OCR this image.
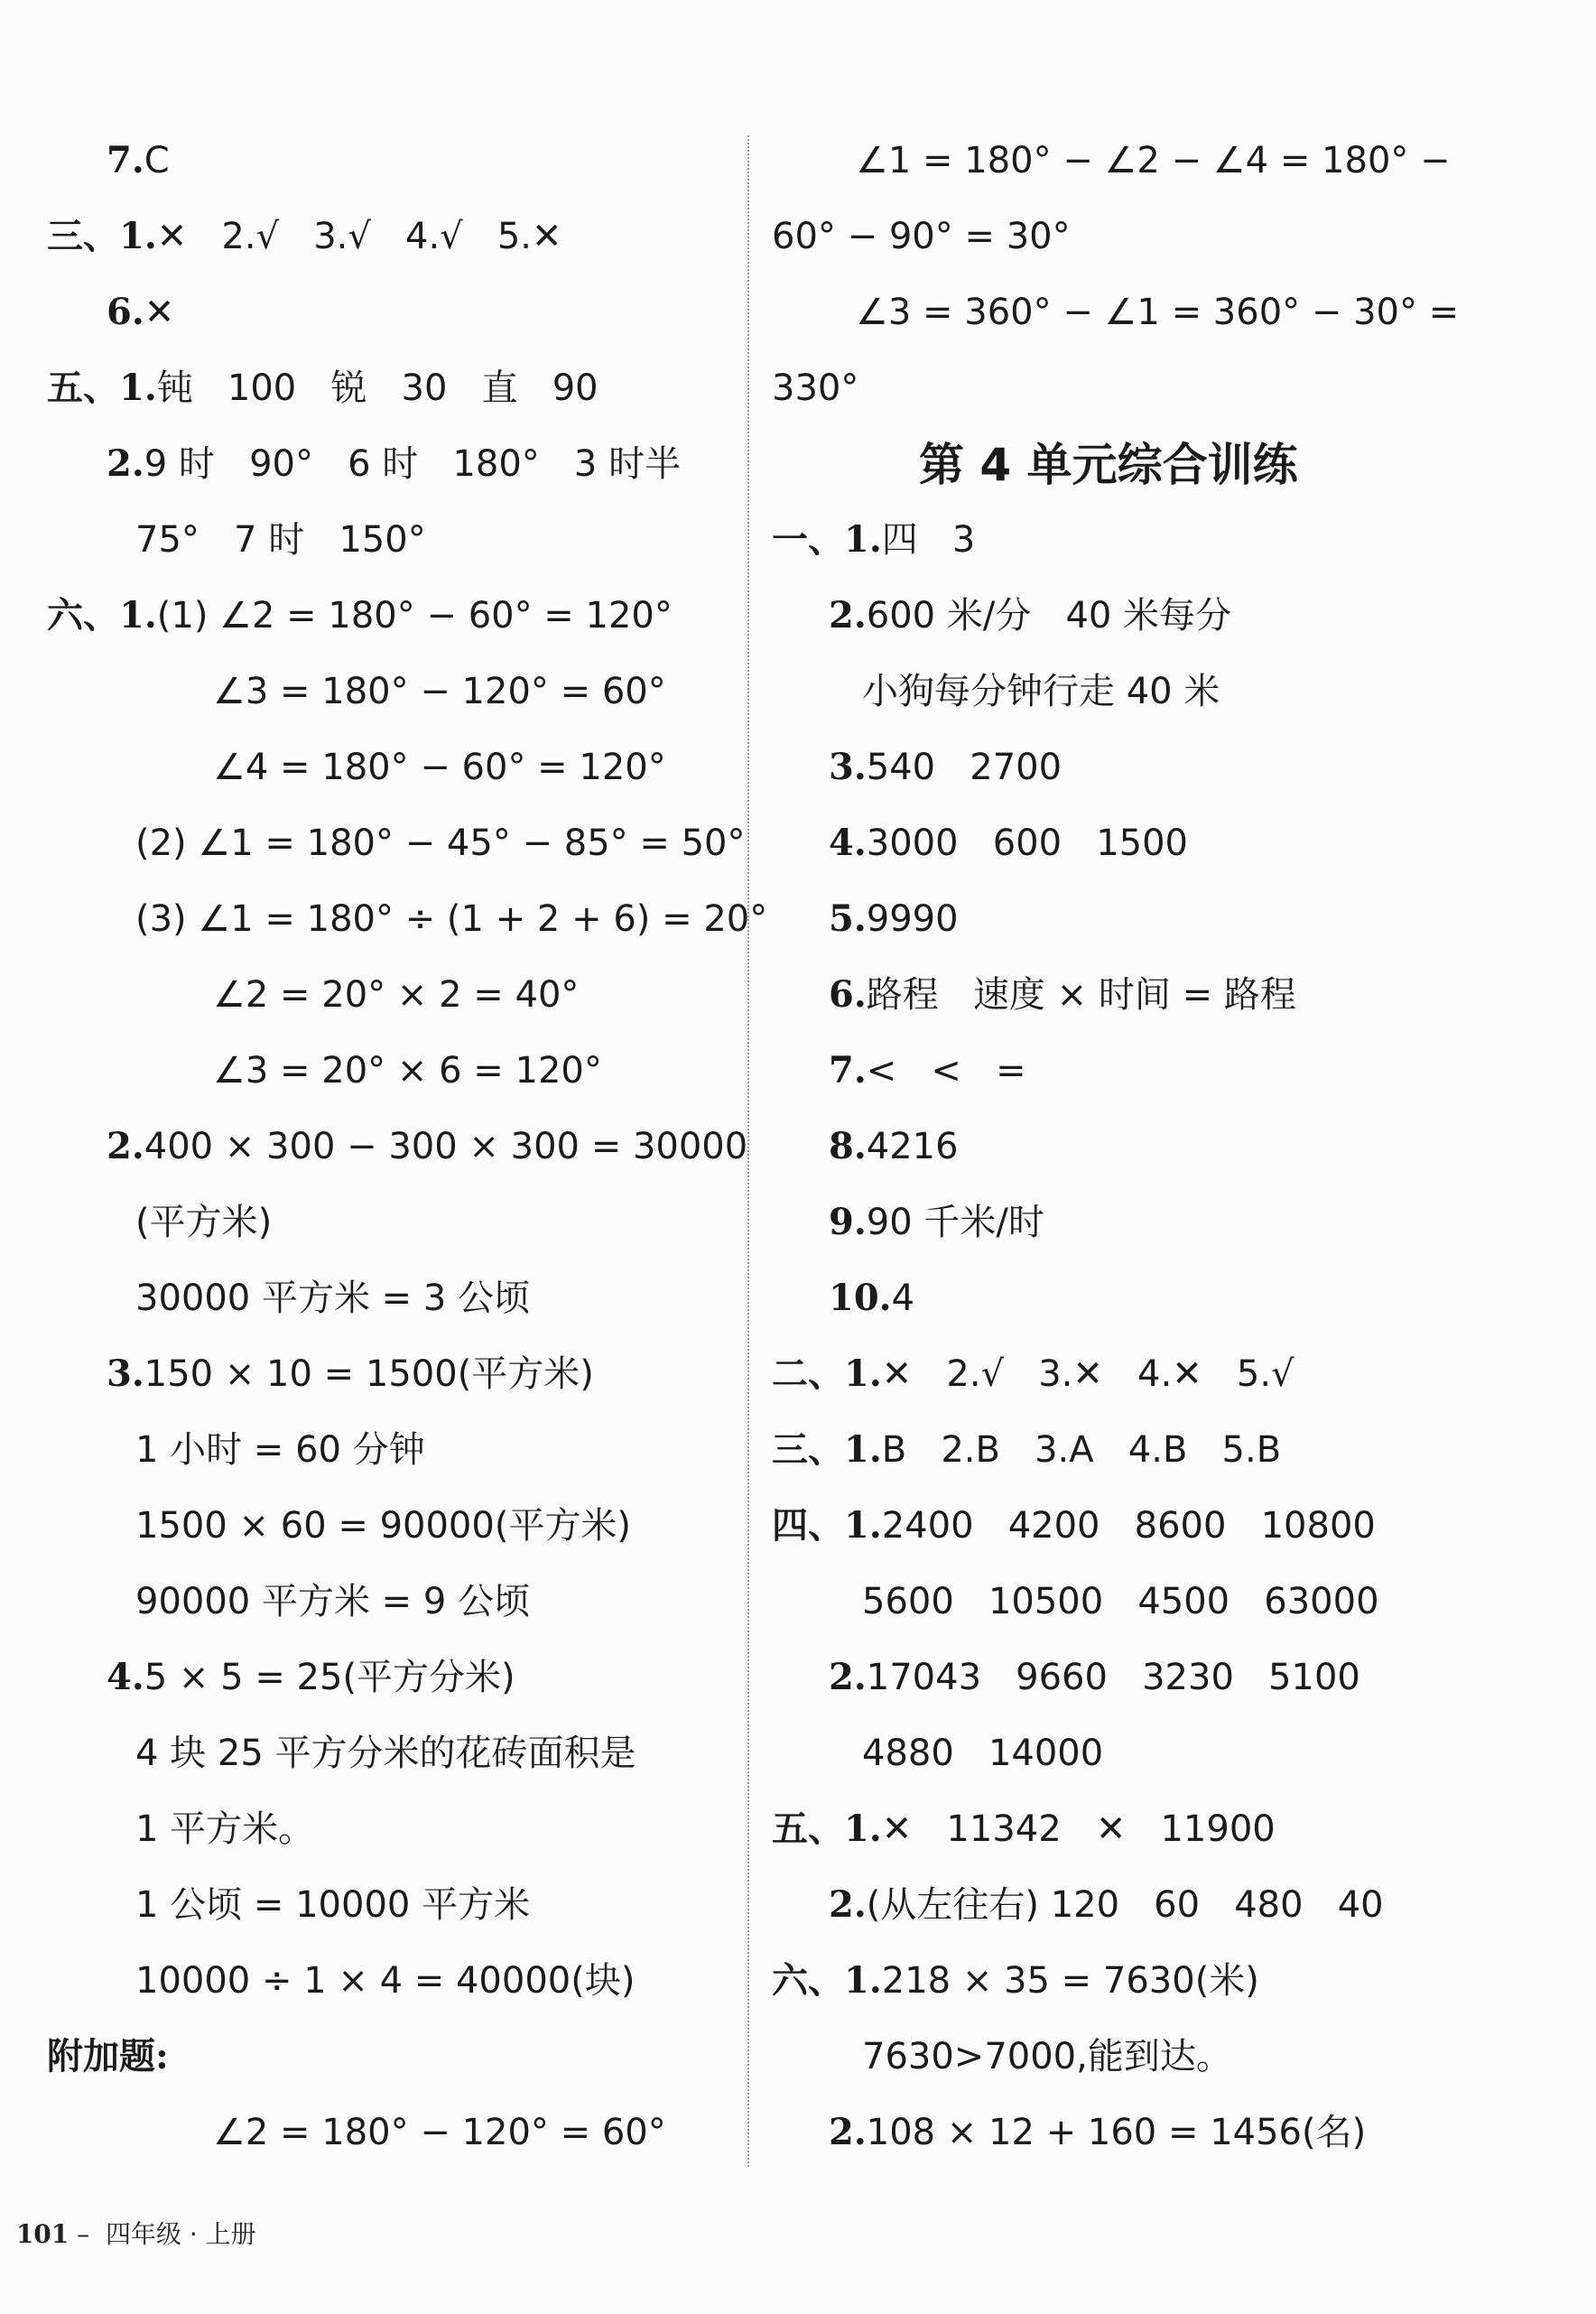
第 4 单元综合训练

101 –  四年级 · 上册

7.C
三、1.✕   2.√   3.√   4.√   5.✕
6.✕
五、1.钝   100   锐   30   直   90
2.9 时   90°   6 时   180°   3 时半
75°   7 时   150°
六、1.(1) ∠2 = 180° − 60° = 120°
∠3 = 180° − 120° = 60°
∠4 = 180° − 60° = 120°
(2) ∠1 = 180° − 45° − 85° = 50°
(3) ∠1 = 180° ÷ (1 + 2 + 6) = 20°
∠2 = 20° × 2 = 40°
∠3 = 20° × 6 = 120°
2.400 × 300 − 300 × 300 = 30000
(平方米)
30000 平方米 = 3 公顷
3.150 × 10 = 1500(平方米)
1 小时 = 60 分钟
1500 × 60 = 90000(平方米)
90000 平方米 = 9 公顷
4.5 × 5 = 25(平方分米)
4 块 25 平方分米的花砖面积是
1 平方米。
1 公顷 = 10000 平方米
10000 ÷ 1 × 4 = 40000(块)
附加题:
∠2 = 180° − 120° = 60°
∠1 = 180° − ∠2 − ∠4 = 180° −
60° − 90° = 30°
∠3 = 360° − ∠1 = 360° − 30° =
330°
一、1.四   3
2.600 米/分   40 米每分
小狗每分钟行走 40 米
3.540   2700
4.3000   600   1500
5.9990
6.路程   速度 × 时间 = 路程
7.<   <   =
8.4216
9.90 千米/时
10.4
二、1.✕   2.√   3.✕   4.✕   5.√
三、1.B   2.B   3.A   4.B   5.B
四、1.2400   4200   8600   10800
5600   10500   4500   63000
2.17043   9660   3230   5100
4880   14000
五、1.✕   11342   ✕   11900
2.(从左往右) 120   60   480   40
六、1.218 × 35 = 7630(米)
7630>7000,能到达。
2.108 × 12 + 160 = 1456(名)
